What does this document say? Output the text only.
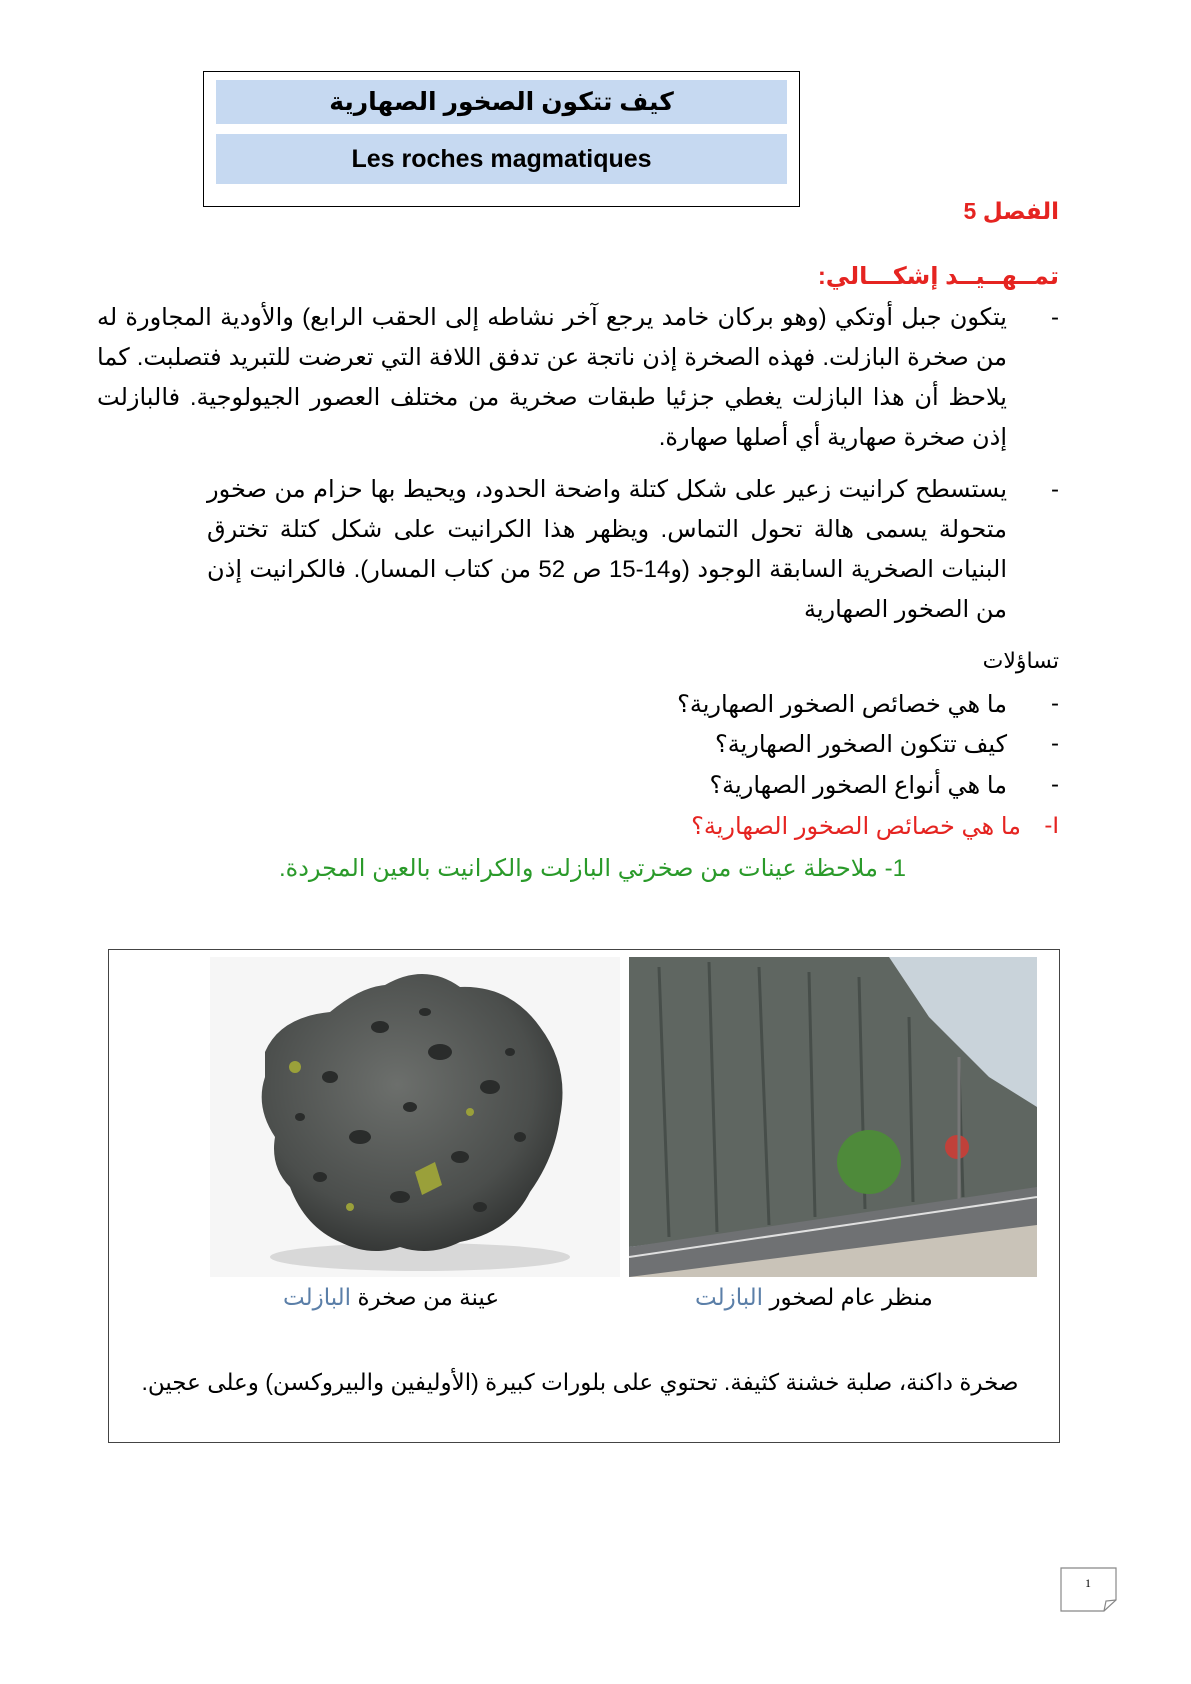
كيف تتكون الصخور الصهارية
Les roches magmatiques
الفصل 5
تمــهــيــد إشكـــالي:
-
يتكون جبل أوتكي (وهو بركان خامد يرجع آخر نشاطه إلى الحقب الرابع) والأودية المجاورة له من صخرة البازلت. فهذه الصخرة إذن ناتجة عن تدفق اللافة التي تعرضت للتبريد فتصلبت. كما يلاحظ أن هذا البازلت يغطي جزئيا طبقات صخرية من مختلف العصور الجيولوجية. فالبازلت إذن صخرة صهارية أي أصلها صهارة.
-
يستسطح كرانيت زعير على شكل كتلة واضحة الحدود، ويحيط بها حزام من صخور متحولة يسمى هالة تحول التماس. ويظهر هذا الكرانيت على شكل كتلة تخترق البنيات الصخرية السابقة الوجود (و14-15 ص 52 من كتاب المسار). فالكرانيت إذن من الصخور الصهارية
تساؤلات
-
ما هي خصائص الصخور الصهارية؟
-
كيف تتكون الصخور الصهارية؟
-
ما هي أنواع الصخور الصهارية؟
I-
ما هي خصائص الصخور الصهارية؟
1- ملاحظة عينات من صخرتي البازلت والكرانيت بالعين المجردة.
عينة من صخرة البازلت	منظر عام لصخور البازلت
صخرة داكنة، صلبة خشنة كثيفة. تحتوي على بلورات كبيرة (الأوليفين والبيروكسن) وعلى عجين.
1
